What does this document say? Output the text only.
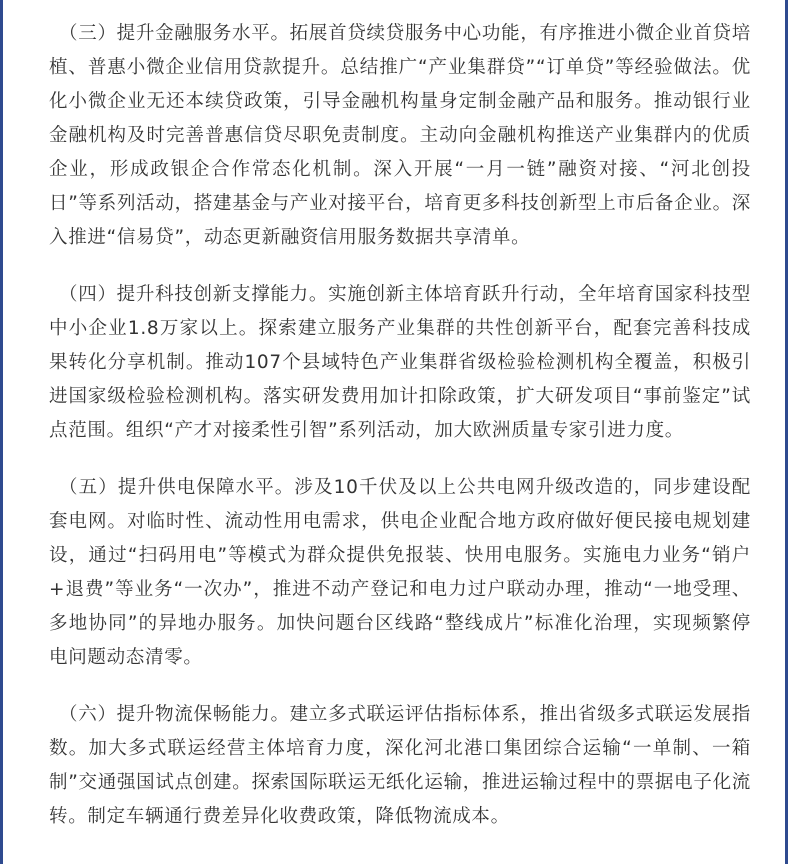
（三）提升金融服务水平。拓展首贷续贷服务中心功能，有序推进小微企业首贷培植、普惠小微企业信用贷款提升。总结推广“产业集群贷”“订单贷”等经验做法。优化小微企业无还本续贷政策，引导金融机构量身定制金融产品和服务。推动银行业金融机构及时完善普惠信贷尽职免责制度。主动向金融机构推送产业集群内的优质企业，形成政银企合作常态化机制。深入开展“一月一链”融资对接、“河北创投日”等系列活动，搭建基金与产业对接平台，培育更多科技创新型上市后备企业。深入推进“信易贷”，动态更新融资信用服务数据共享清单。

（四）提升科技创新支撑能力。实施创新主体培育跃升行动，全年培育国家科技型中小企业1.8万家以上。探索建立服务产业集群的共性创新平台，配套完善科技成果转化分享机制。推动107个县域特色产业集群省级检验检测机构全覆盖，积极引进国家级检验检测机构。落实研发费用加计扣除政策，扩大研发项目“事前鉴定”试点范围。组织“产才对接柔性引智”系列活动，加大欧洲质量专家引进力度。

（五）提升供电保障水平。涉及10千伏及以上公共电网升级改造的，同步建设配套电网。对临时性、流动性用电需求，供电企业配合地方政府做好便民接电规划建设，通过“扫码用电”等模式为群众提供免报装、快用电服务。实施电力业务“销户+退费”等业务“一次办”，推进不动产登记和电力过户联动办理，推动“一地受理、多地协同”的异地办服务。加快问题台区线路“整线成片”标准化治理，实现频繁停电问题动态清零。

（六）提升物流保畅能力。建立多式联运评估指标体系，推出省级多式联运发展指数。加大多式联运经营主体培育力度，深化河北港口集团综合运输“一单制、一箱制”交通强国试点创建。探索国际联运无纸化运输，推进运输过程中的票据电子化流转。制定车辆通行费差异化收费政策，降低物流成本。
